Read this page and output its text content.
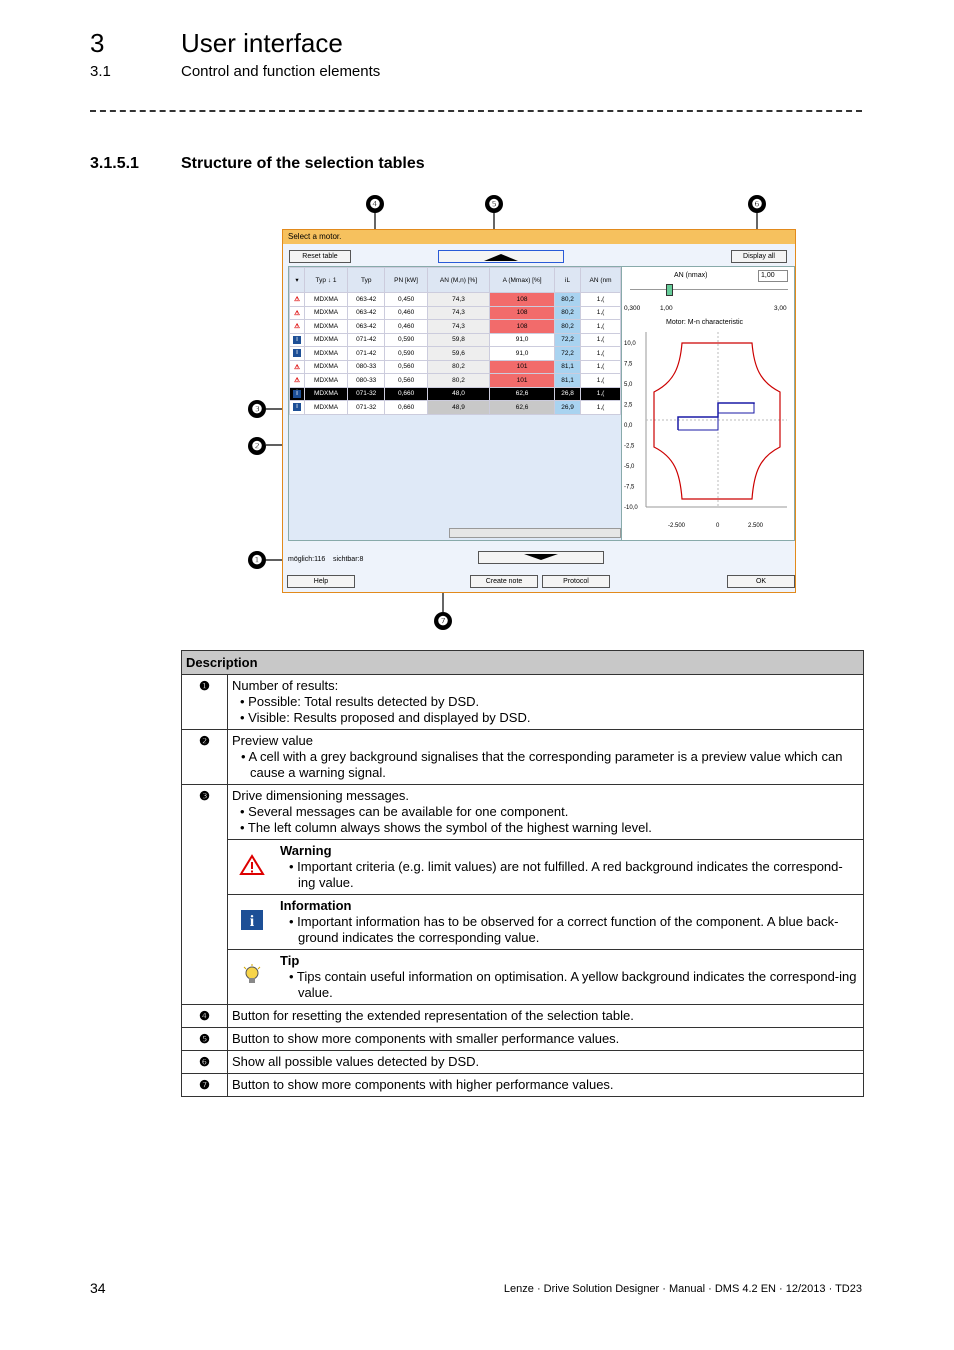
3	User interface
3.1	Control and function elements
3.1.5.1	Structure of the selection tables
❹	❺	❻
❸
❷
❶
❼
Select a motor.
Reset table	Display all
▾	Typ ↓ 1	Typ	PN [kW]	AN (M,n) [%]	A (Mmax) [%]	iL	AN (nm
⚠	MDXMA	063-42	0,450	74,3	108	80,2	1,(
⚠	MDXMA	063-42	0,460	74,3	108	80,2	1,(
⚠	MDXMA	063-42	0,460	74,3	108	80,2	1,(
i	MDXMA	071-42	0,590	59,8	91,0	72,2	1,(
i	MDXMA	071-42	0,590	59,6	91,0	72,2	1,(
⚠	MDXMA	080-33	0,560	80,2	101	81,1	1,(
⚠	MDXMA	080-33	0,560	80,2	101	81,1	1,(
i	MDXMA	071-32	0,660	48,0	62,6	26,8	1,(
i	MDXMA	071-32	0,660	48,9	62,6	26,9	1,(
AN (nmax)	1,00
0,300	1,00	3,00
Motor: M-n characteristic
10,0
7,5
5,0
2,5
0,0
-2,5
-5,0
-7,5
-10,0
-2.500	0	2.500
möglich:116 sichtbar:8
Help	Create note	Protocol	OK
Description		
❶	Number of results:
• Possible: Total results detected by DSD.
• Visible: Results proposed and displayed by DSD.	

❷	Preview value
• A cell with a grey background signalises that the corresponding parameter is a preview value which can cause a warning signal.	

❸	Drive dimensioning messages.
• Several messages can be available for one component.
• The left column always shows the symbol of the highest warning level.	

Warning
• Important criteria (e.g. limit values) are not fulfilled. A red background indicates the correspond-ing value.

i	Information
• Important information has to be observed for a correct function of the component. A blue back-ground indicates the corresponding value.

Tip
• Tips contain useful information on optimisation. A yellow background indicates the correspond-ing value.

❹	Button for resetting the extended representation of the selection table.	
❺	Button to show more components with smaller performance values.	
❻	Show all possible values detected by DSD.	
❼	Button to show more components with higher performance values.	
34	Lenze · Drive Solution Designer · Manual · DMS 4.2 EN · 12/2013 · TD23
